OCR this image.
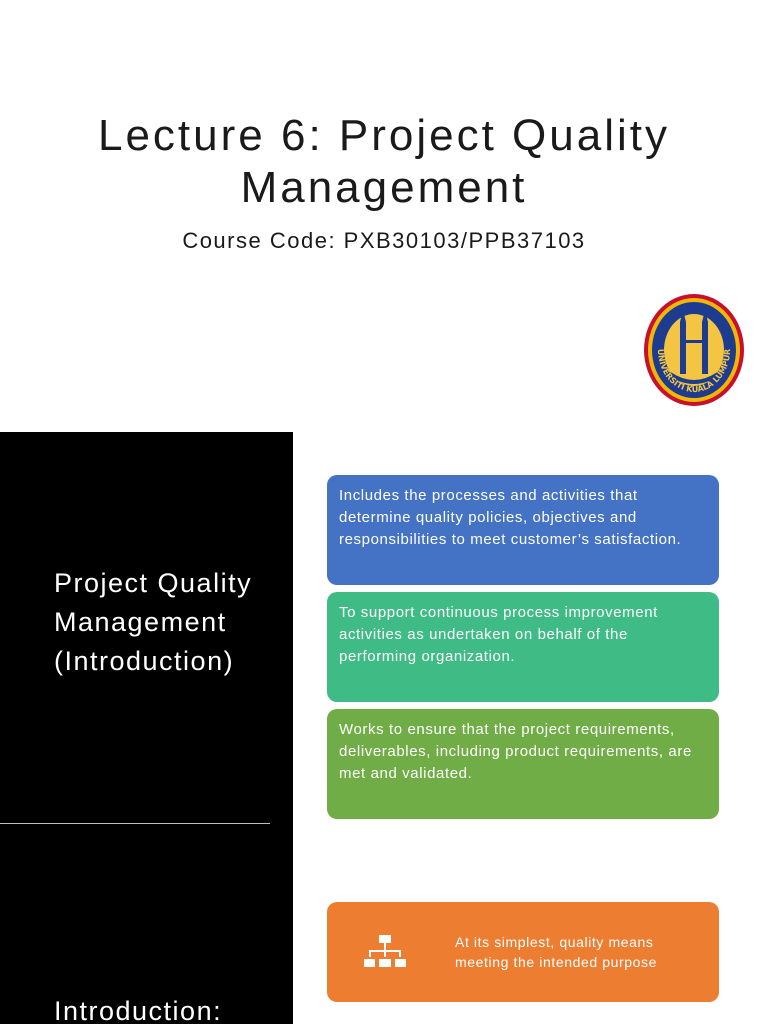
Lecture 6: Project Quality Management
Course Code: PXB30103/PPB37103
UNIVERSITI KUALA LUMPUR
Project Quality Management (Introduction)
Introduction:
Includes the processes and activities that determine quality policies, objectives and responsibilities to meet customer’s satisfaction.
To support continuous process improvement activities as undertaken on behalf of the performing organization.
Works to ensure that the project requirements, deliverables, including product requirements, are met and validated.
At its simplest, quality means meeting the intended purpose
